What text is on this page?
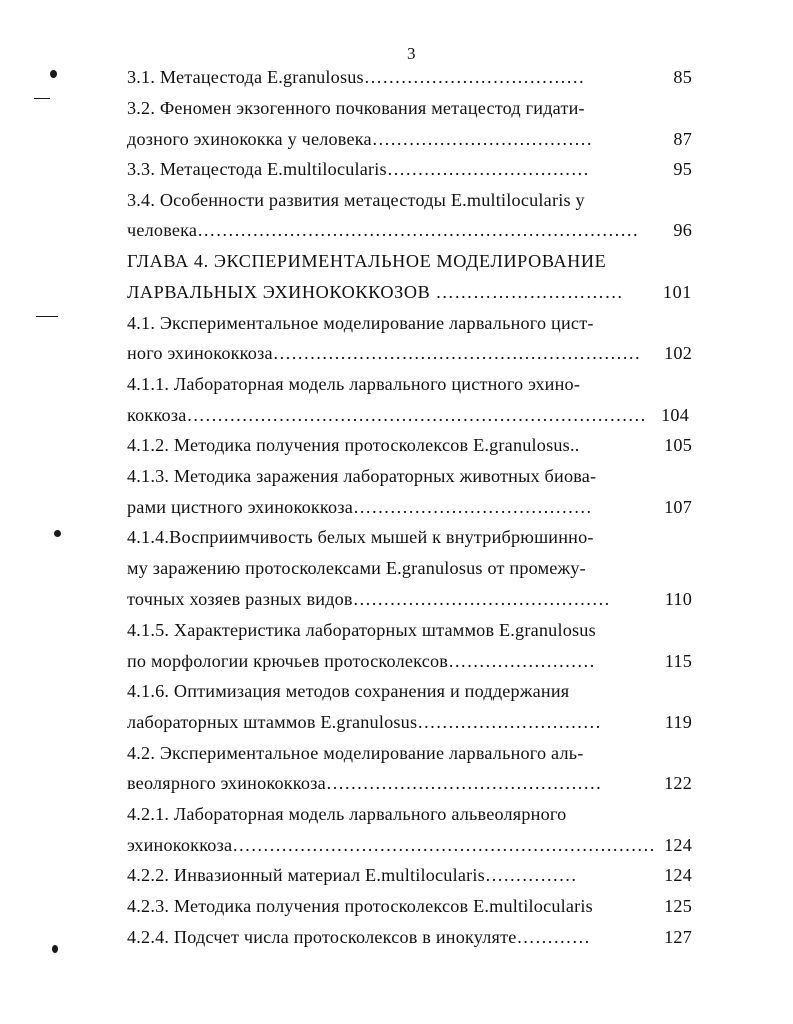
3
3.1. Метацестода E.granulosus………………………………	85
3.2. Феномен экзогенного почкования метацестод гидати-
дозного эхинококка у человека………………………………	87
3.3. Метацестода E.multilocularis……………………………	95
3.4. Особенности развития метацестоды E.multilocularis у
человека……………………………………………………………… 96
ГЛАВА 4. ЭКСПЕРИМЕНТАЛЬНОЕ МОДЕЛИРОВАНИЕ
ЛАРВАЛЬНЫХ ЭХИНОКОККОЗОВ ………………………… 101
4.1. Экспериментальное моделирование ларвального цист-
ного эхинококкоза…………………………………………………… 102
4.1.1. Лабораторная модель ларвального цистного эхино-
коккоза………………………………………………………………… 104
4.1.2. Методика получения протосколексов E.granulosus..	105
4.1.3. Методика заражения лабораторных животных биова-
рами цистного эхинококкоза…………………………………	107
4.1.4.Восприимчивость белых мышей к внутрибрюшинно-
му заражению протосколексами E.granulosus от промежу-
точных хозяев разных видов……………………………………	110
4.1.5. Характеристика лабораторных штаммов E.granulosus
по морфологии крючьев протосколексов……………………	115
4.1.6. Оптимизация методов сохранения и поддержания
лабораторных штаммов E.granulosus…………………………	119
4.2. Экспериментальное моделирование ларвального аль-
веолярного эхинококкоза………………………………………	122
4.2.1. Лабораторная модель ларвального альвеолярного
эхинококкоза…………………………………………………………… 124
4.2.2. Инвазионный материал E.multilocularis……………	124
4.2.3. Методика получения протосколексов E.multilocularis	125
4.2.4. Подсчет числа протосколексов в инокуляте…………	127
